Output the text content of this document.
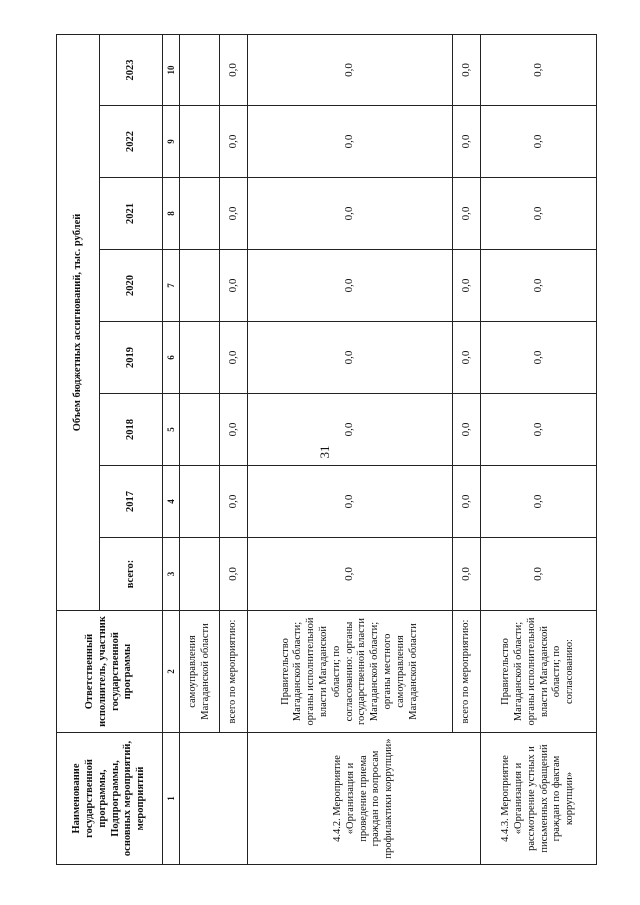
31
Наименование государственной программы, Подпрограммы, основных мероприятий, мероприятий	Ответственный исполнитель, участник государственной программы	Объем бюджетных ассигнований, тыс. рублей							
		всего:	2017	2018	2019	2020	2021	2022	2023
1	2	3	4	5	6	7	8	9	10
	самоуправления Магаданской области								
	всего по мероприятию:	0,0	0,0	0,0	0,0	0,0	0,0	0,0	0,0
4.4.2. Мероприятие «Организация и проведение приема граждан по вопросам профилактики коррупции»	Правительство Магаданской области; органы исполнительной власти Магаданской области; по согласованию: органы государственной власти Магаданской области; органы местного самоуправления Магаданской области	0,0	0,0	0,0	0,0	0,0	0,0	0,0	0,0
	всего по мероприятию:	0,0	0,0	0,0	0,0	0,0	0,0	0,0	0,0
4.4.3. Мероприятие «Организация и рассмотрение устных и письменных обращений граждан по фактам коррупции»	Правительство Магаданской области; органы исполнительной власти Магаданской области; по согласованию:	0,0	0,0	0,0	0,0	0,0	0,0	0,0	0,0
